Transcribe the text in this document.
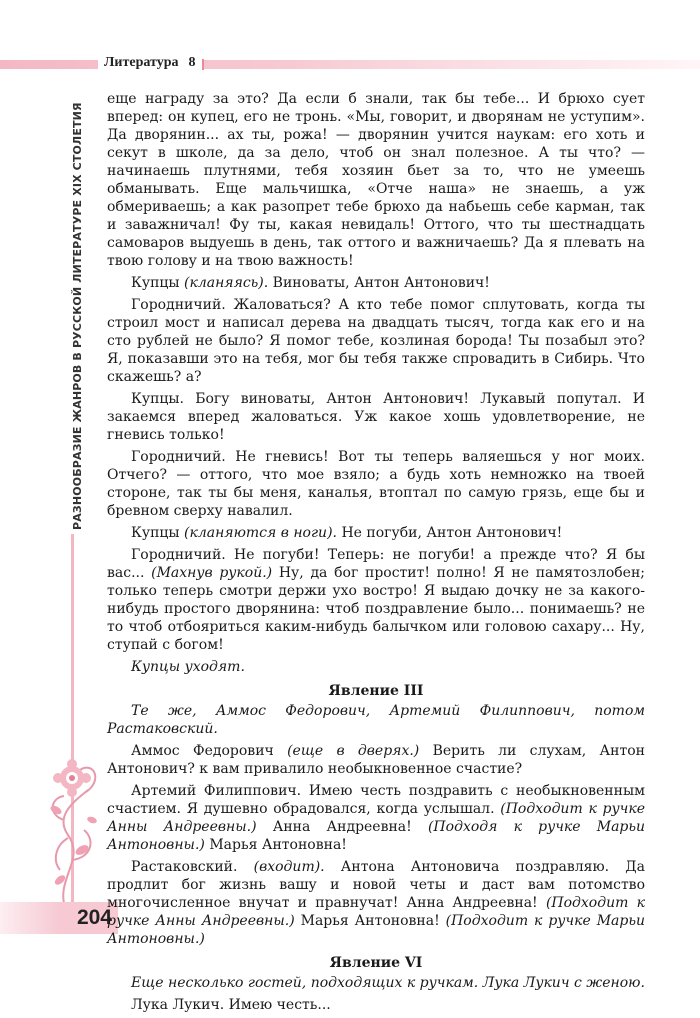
Литература 8
РАЗНООБРАЗИЕ ЖАНРОВ В РУССКОЙ ЛИТЕРАТУРЕ XIX СТОЛЕТИЯ
204

еще награду за это? Да если б знали, так бы тебе... И брюхо сует вперед: он купец, его не тронь. «Мы, говорит, и дворянам не уступим». Да дворянин... ах ты, рожа! — дворянин учится наукам: его хоть и секут в школе, да за дело, чтоб он знал полезное. А ты что? — начинаешь плутнями, тебя хозяин бьет за то, что не умеешь обманывать. Еще мальчишка, «Отче наша» не знаешь, а уж обмериваешь; а как разопрет тебе брюхо да набьешь себе карман, так и заважничал! Фу ты, какая невидаль! Оттого, что ты шестнадцать самоваров выдуешь в день, так оттого и важничаешь? Да я плевать на твою голову и на твою важность!

Купцы (кланяясь). Виноваты, Антон Антонович!

Городничий. Жаловаться? А кто тебе помог сплутовать, когда ты строил мост и написал дерева на двадцать тысяч, тогда как его и на сто рублей не было? Я помог тебе, козлиная борода! Ты позабыл это? Я, показавши это на тебя, мог бы тебя также спровадить в Сибирь. Что скажешь? а?

Купцы. Богу виноваты, Антон Антонович! Лукавый попутал. И закаемся вперед жаловаться. Уж какое хошь удовлетворение, не гневись только!

Городничий. Не гневись! Вот ты теперь валяешься у ног моих. Отчего? — оттого, что мое взяло; а будь хоть немножко на твоей стороне, так ты бы меня, каналья, втоптал по самую грязь, еще бы и бревном сверху навалил.

Купцы (кланяются в ноги). Не погуби, Антон Антонович!

Городничий. Не погуби! Теперь: не погуби! а прежде что? Я бы вас... (Махнув рукой.) Ну, да бог простит! полно! Я не памятозлобен; только теперь смотри держи ухо востро! Я выдаю дочку не за какого-нибудь простого дворянина: чтоб поздравление было... понимаешь? не то чтоб отбояриться каким-нибудь балычком или головою сахару... Ну, ступай с богом!

Купцы уходят.

Явление III

Те же, Аммос Федорович, Артемий Филиппович, потом Растаковский.

Аммос Федорович (еще в дверях.) Верить ли слухам, Антон Антонович? к вам привалило необыкновенное счастие?

Артемий Филиппович. Имею честь поздравить с необыкновенным счастием. Я душевно обрадовался, когда услышал. (Подходит к ручке Анны Андреевны.) Анна Андреевна! (Подходя к ручке Марьи Антоновны.) Марья Антоновна!

Растаковский. (входит). Антона Антоновича поздравляю. Да продлит бог жизнь вашу и новой четы и даст вам потомство многочисленное внучат и правнучат! Анна Андреевна! (Подходит к ручке Анны Андреевны.) Марья Антоновна! (Подходит к ручке Марьи Антоновны.)

Явление VI

Еще несколько гостей, подходящих к ручкам. Лука Лукич с женою.

Лука Лукич. Имею честь...
